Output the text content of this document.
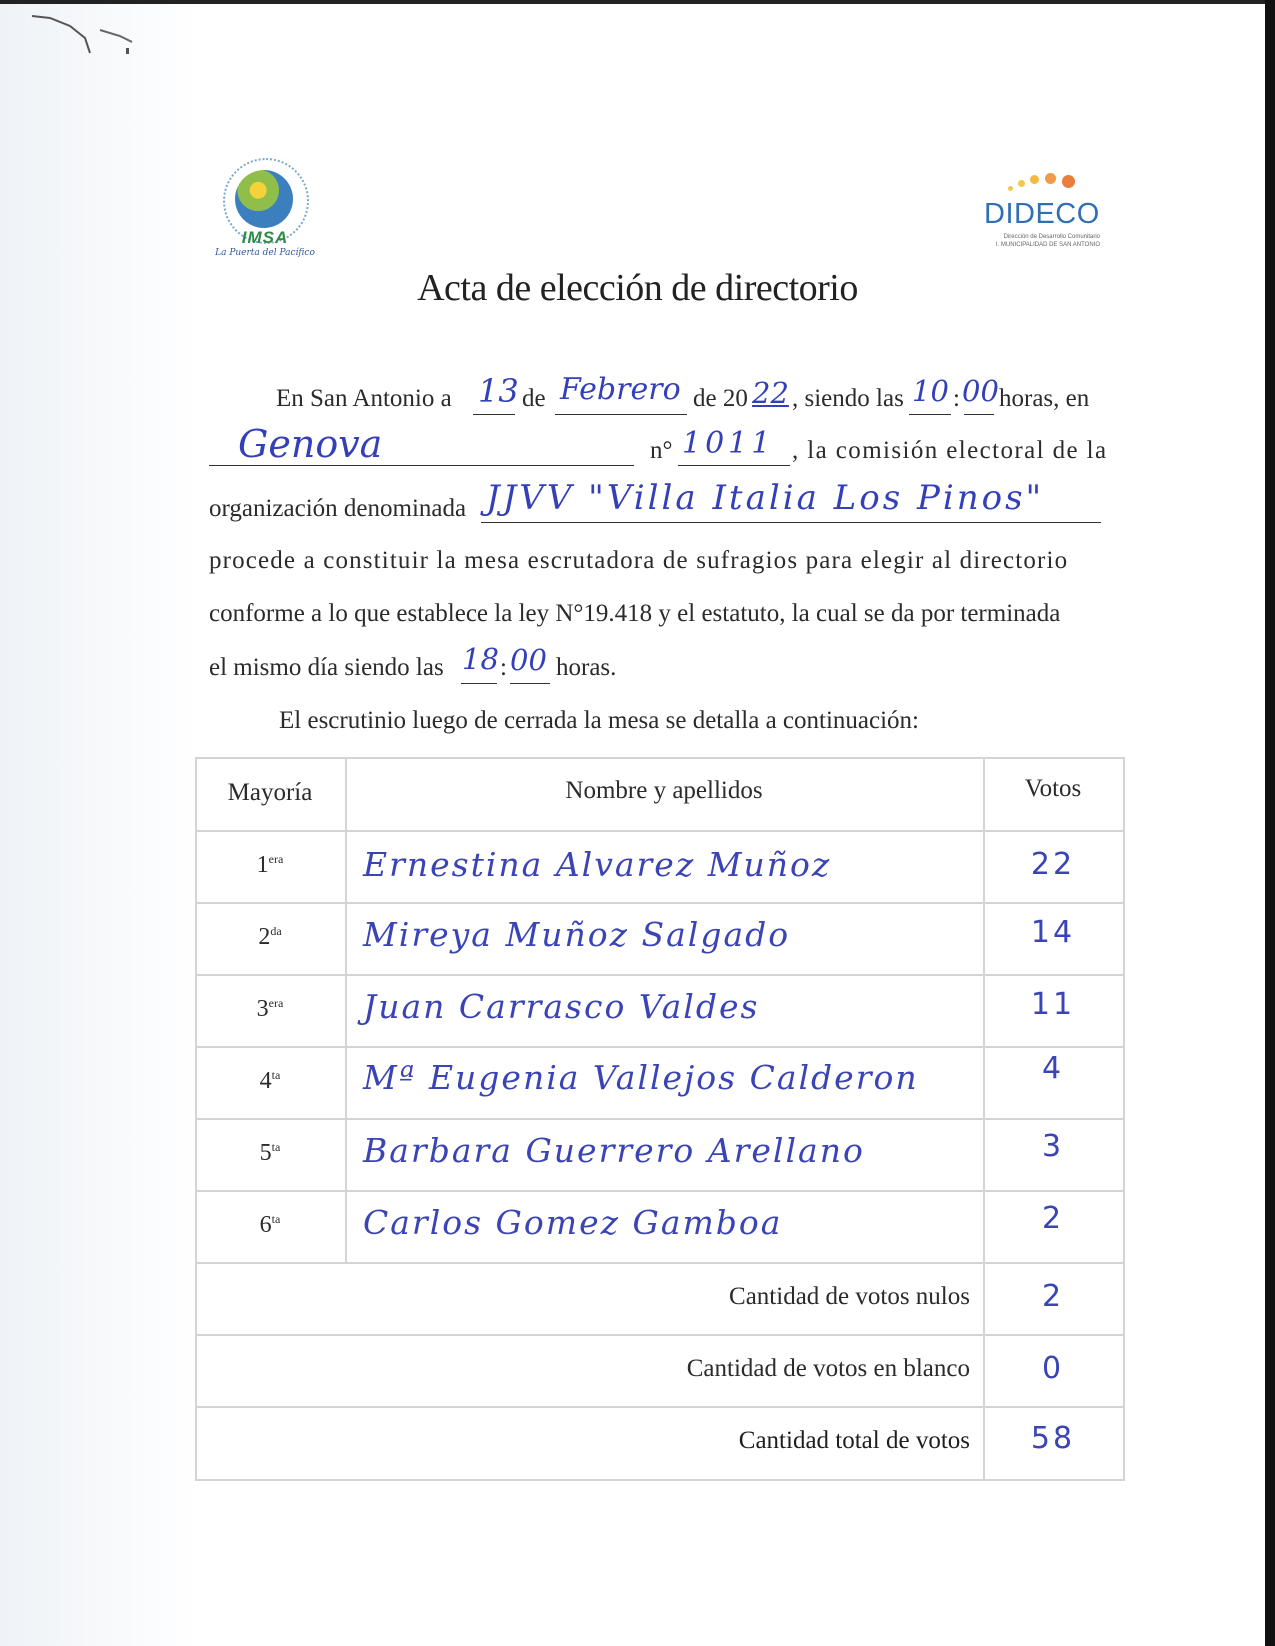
IMSA
La Puerta del Pacífico
DIDECO
Dirección de Desarrollo Comunitario
I. MUNICIPALIDAD DE SAN ANTONIO
Acta de elección de directorio
En San Antonio a 13 de Febrero de 20 22 , siendo las 10 : 00 horas, en
Genova	n° 1011 , la comisión electoral de la
organización denominada JJVV "Villa Italia Los Pinos"
procede a constituir la mesa escrutadora de sufragios para elegir al directorio
conforme a lo que establece la ley N°19.418 y el estatuto, la cual se da por terminada
el mismo día siendo las 18 : 00 horas.
El escrutinio luego de cerrada la mesa se detalla a continuación:
Mayoría	Nombre y apellidos	Votos
$1^{era}$	Ernestina Alvarez Muñoz	22
$2^{da}$	Mireya Muñoz Salgado	14
$3^{era}$	Juan Carrasco Valdes	11
$4^{ta}$	Mª Eugenia Vallejos Calderon	4
$5^{ta}$	Barbara Guerrero Arellano	3
$6^{ta}$	Carlos Gomez Gamboa	2
Cantidad de votos nulos	2
Cantidad de votos en blanco	0
Cantidad total de votos	58
